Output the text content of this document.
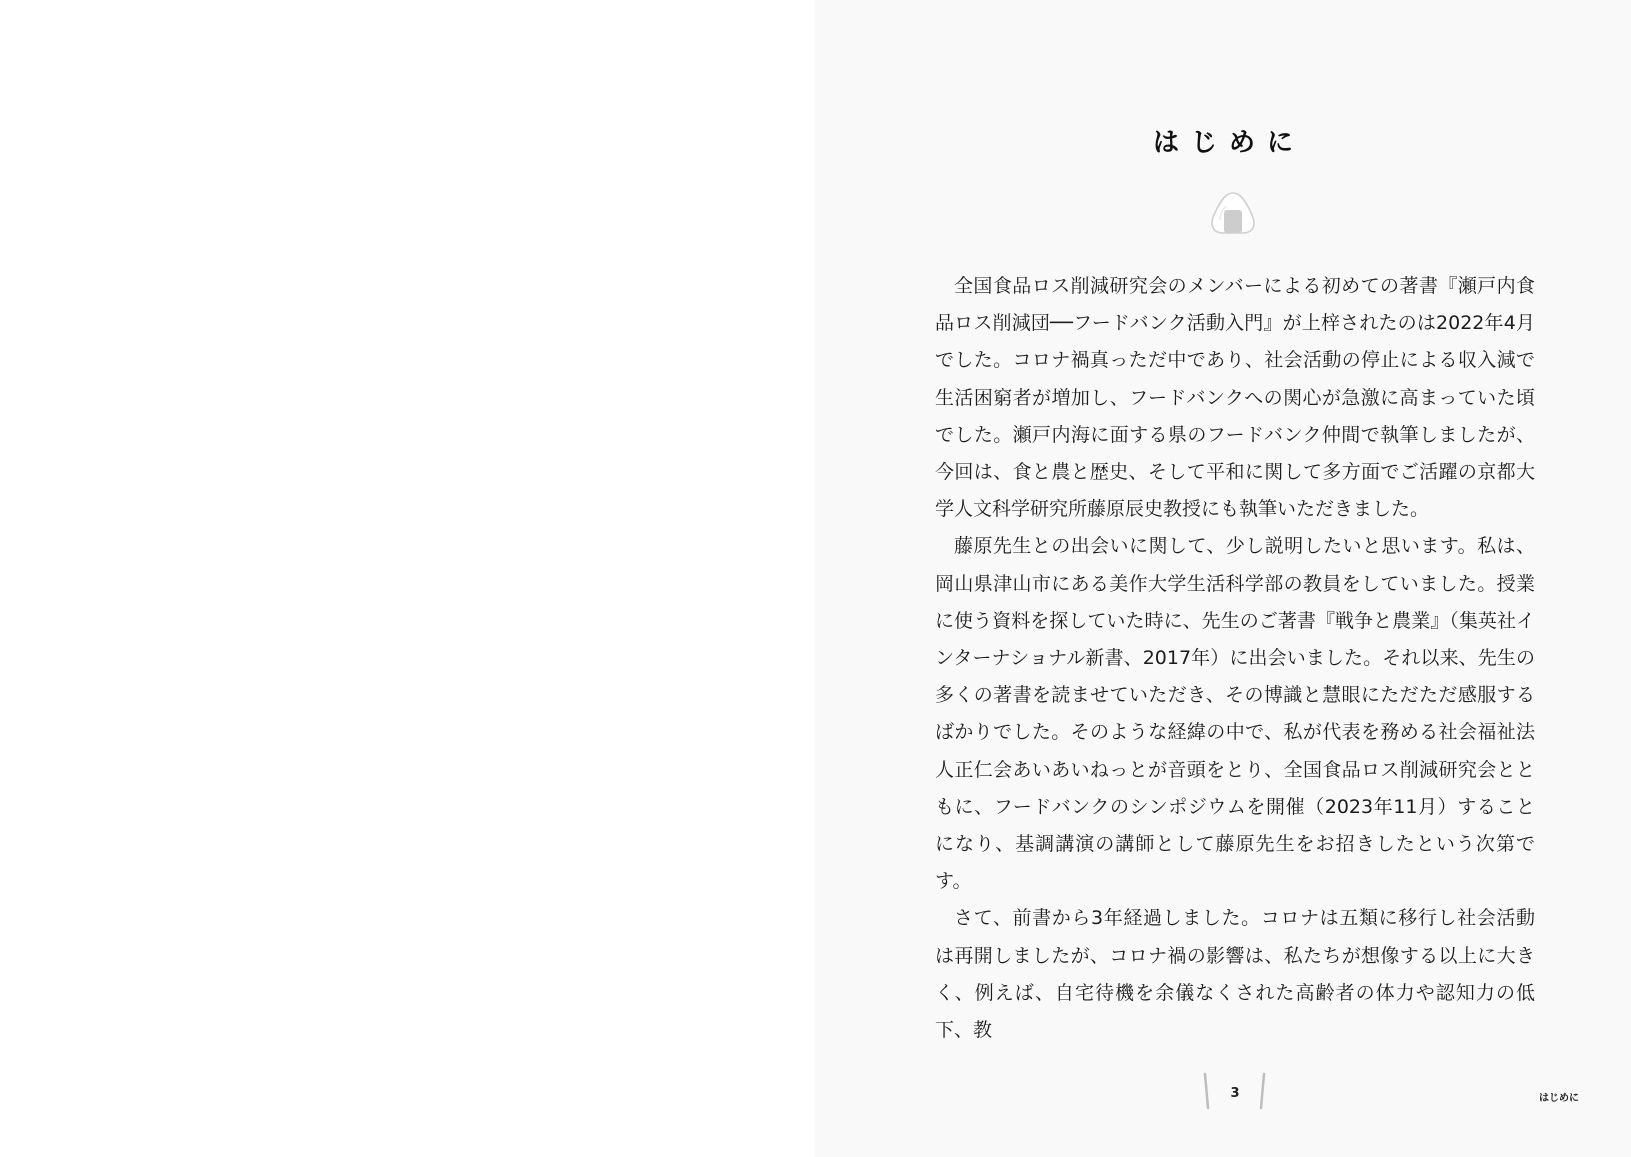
はじめに

全国食品ロス削減研究会のメンバーによる初めての著書『瀬戸内食品ロス削減団──フードバンク活動入門』が上梓されたのは2022年4月でした。コロナ禍真っただ中であり、社会活動の停止による収入減で生活困窮者が増加し、フードバンクへの関心が急激に高まっていた頃でした。瀬戸内海に面する県のフードバンク仲間で執筆しましたが、今回は、食と農と歴史、そして平和に関して多方面でご活躍の京都大学人文科学研究所藤原辰史教授にも執筆いただきました。

藤原先生との出会いに関して、少し説明したいと思います。私は、岡山県津山市にある美作大学生活科学部の教員をしていました。授業に使う資料を探していた時に、先生のご著書『戦争と農業』（集英社インターナショナル新書、2017年）に出会いました。それ以来、先生の多くの著書を読ませていただき、その博識と慧眼にただただ感服するばかりでした。そのような経緯の中で、私が代表を務める社会福祉法人正仁会あいあいねっとが音頭をとり、全国食品ロス削減研究会とともに、フードバンクのシンポジウムを開催（2023年11月）することになり、基調講演の講師として藤原先生をお招きしたという次第です。

さて、前書から3年経過しました。コロナは五類に移行し社会活動は再開しましたが、コロナ禍の影響は、私たちが想像する以上に大きく、例えば、自宅待機を余儀なくされた高齢者の体力や認知力の低下、教

3	はじめに
